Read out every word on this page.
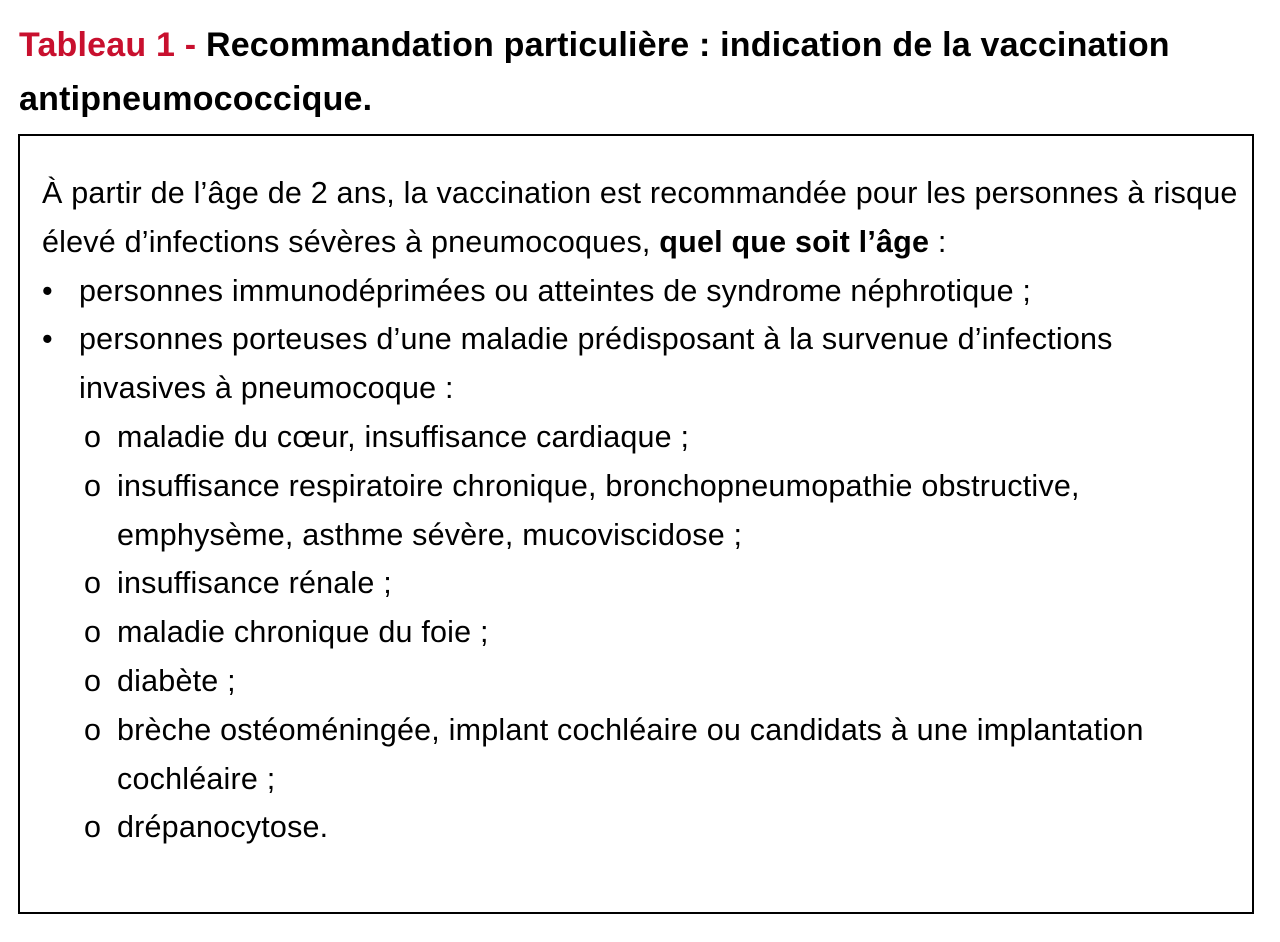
Tableau 1 - Recommandation particulière : indication de la vaccination antipneumococcique.

À partir de l’âge de 2 ans, la vaccination est recommandée pour les personnes à risque élevé d’infections sévères à pneumocoques, quel que soit l’âge :

• personnes immunodéprimées ou atteintes de syndrome néphrotique ;
• personnes porteuses d’une maladie prédisposant à la survenue d’infections invasives à pneumocoque :
o maladie du cœur, insuffisance cardiaque ;
o insuffisance respiratoire chronique, bronchopneumopathie obstructive, emphysème, asthme sévère, mucoviscidose ;
o insuffisance rénale ;
o maladie chronique du foie ;
o diabète ;
o brèche ostéoméningée, implant cochléaire ou candidats à une implantation cochléaire ;
o drépanocytose.
